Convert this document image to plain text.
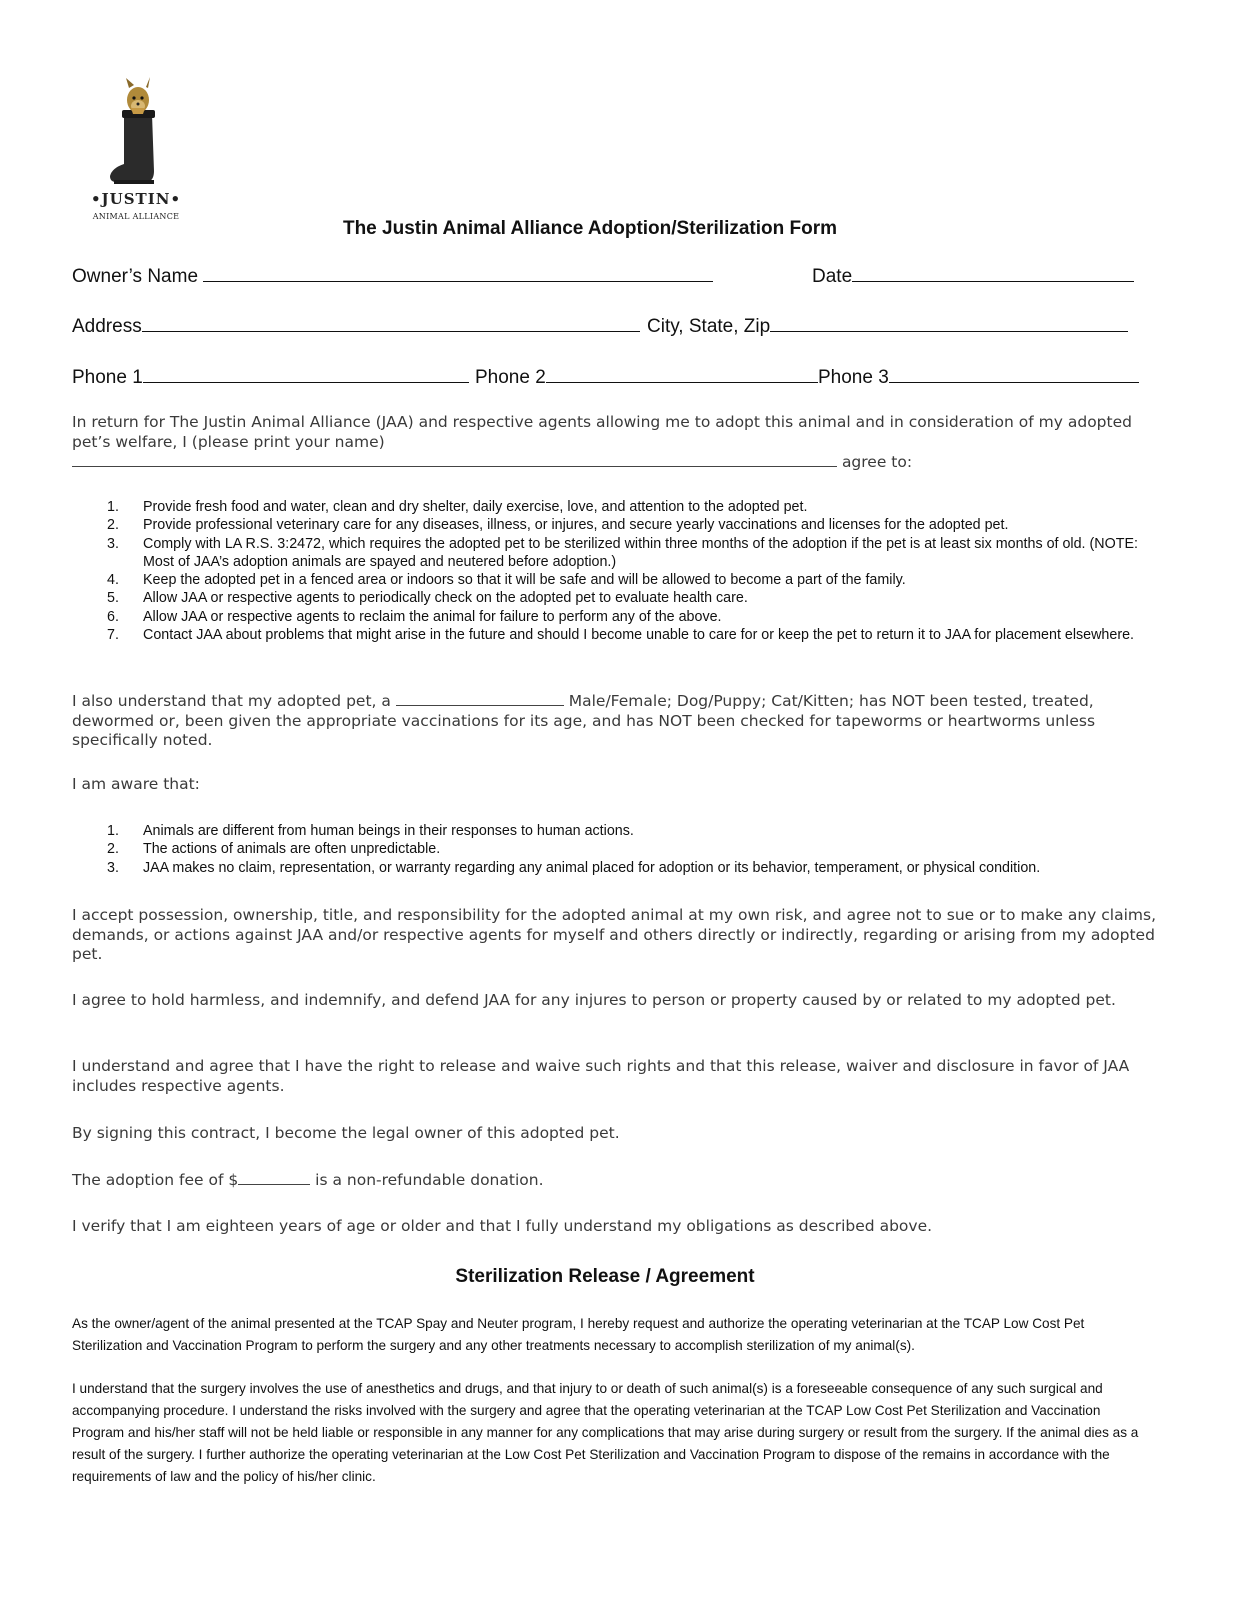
•JUSTIN•
ANIMAL ALLIANCE
The Justin Animal Alliance Adoption/Sterilization Form
Owner’s Name	Date
Address	City, State, Zip
Phone 1	Phone 2	Phone 3
In return for The Justin Animal Alliance (JAA) and respective agents allowing me to adopt this animal and in consideration of my adopted pet’s welfare, I (please print your name)
agree to:
1. Provide fresh food and water, clean and dry shelter, daily exercise, love, and attention to the adopted pet.
2. Provide professional veterinary care for any diseases, illness, or injures, and secure yearly vaccinations and licenses for the adopted pet.
3. Comply with LA R.S. 3:2472, which requires the adopted pet to be sterilized within three months of the adoption if the pet is at least six months of old. (NOTE: Most of JAA’s adoption animals are spayed and neutered before adoption.)
4. Keep the adopted pet in a fenced area or indoors so that it will be safe and will be allowed to become a part of the family.
5. Allow JAA or respective agents to periodically check on the adopted pet to evaluate health care.
6. Allow JAA or respective agents to reclaim the animal for failure to perform any of the above.
7. Contact JAA about problems that might arise in the future and should I become unable to care for or keep the pet to return it to JAA for placement elsewhere.
I also understand that my adopted pet, a	Male/Female; Dog/Puppy; Cat/Kitten; has NOT been tested, treated, dewormed or, been given the appropriate vaccinations for its age, and has NOT been checked for tapeworms or heartworms unless specifically noted.
I am aware that:
1. Animals are different from human beings in their responses to human actions.
2. The actions of animals are often unpredictable.
3. JAA makes no claim, representation, or warranty regarding any animal placed for adoption or its behavior, temperament, or physical condition.
I accept possession, ownership, title, and responsibility for the adopted animal at my own risk, and agree not to sue or to make any claims, demands, or actions against JAA and/or respective agents for myself and others directly or indirectly, regarding or arising from my adopted pet.
I agree to hold harmless, and indemnify, and defend JAA for any injures to person or property caused by or related to my adopted pet.
I understand and agree that I have the right to release and waive such rights and that this release, waiver and disclosure in favor of JAA includes respective agents.
By signing this contract, I become the legal owner of this adopted pet.
The adoption fee of $	is a non-refundable donation.
I verify that I am eighteen years of age or older and that I fully understand my obligations as described above.
Sterilization Release / Agreement
As the owner/agent of the animal presented at the TCAP Spay and Neuter program, I hereby request and authorize the operating veterinarian at the TCAP Low Cost Pet Sterilization and Vaccination Program to perform the surgery and any other treatments necessary to accomplish sterilization of my animal(s).
I understand that the surgery involves the use of anesthetics and drugs, and that injury to or death of such animal(s) is a foreseeable consequence of any such surgical and accompanying procedure. I understand the risks involved with the surgery and agree that the operating veterinarian at the TCAP Low Cost Pet Sterilization and Vaccination Program and his/her staff will not be held liable or responsible in any manner for any complications that may arise during surgery or result from the surgery. If the animal dies as a result of the surgery. I further authorize the operating veterinarian at the Low Cost Pet Sterilization and Vaccination Program to dispose of the remains in accordance with the requirements of law and the policy of his/her clinic.
